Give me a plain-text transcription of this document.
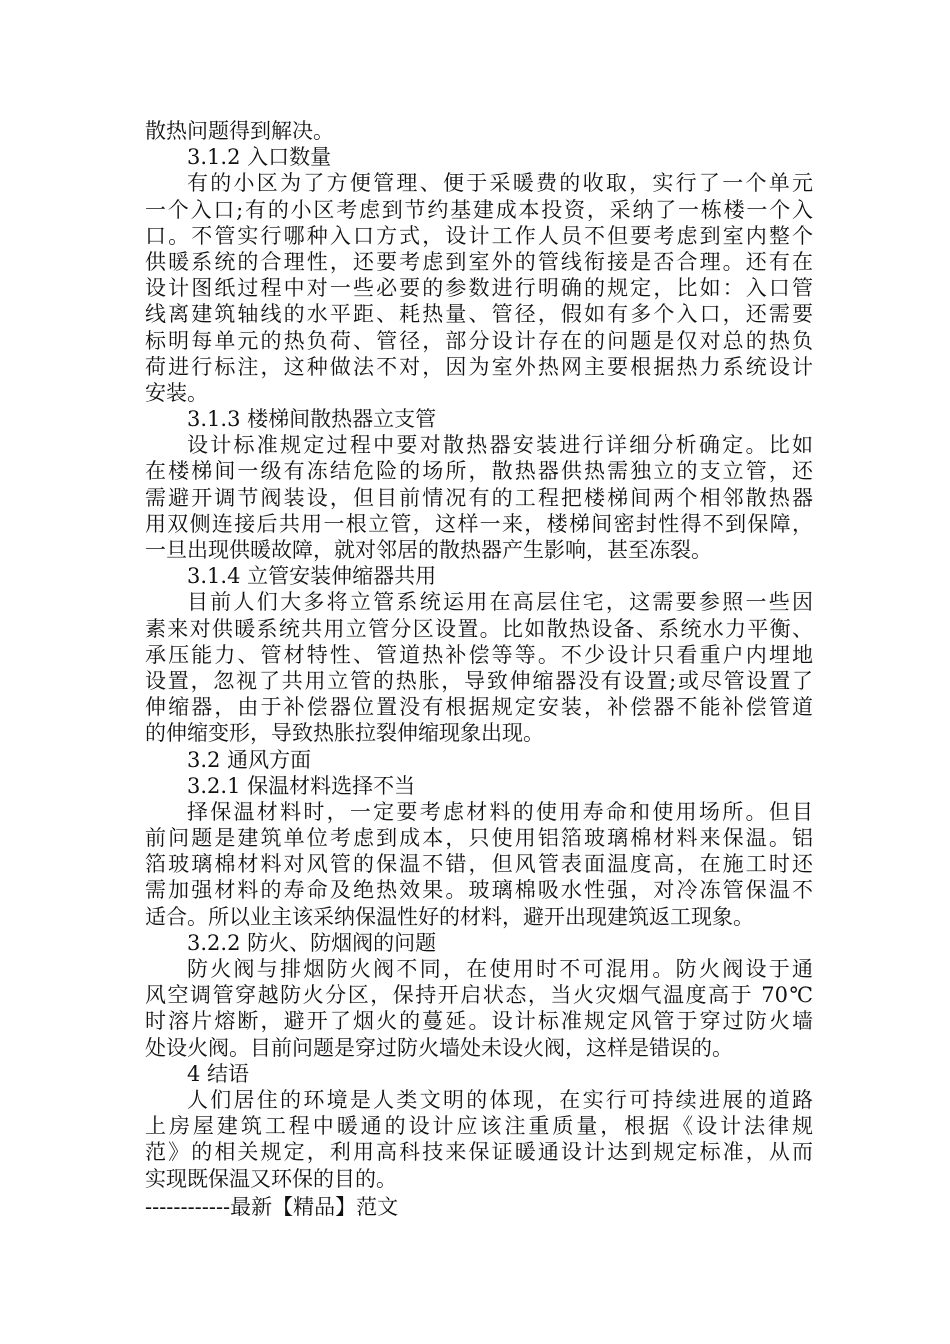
散热问题得到解决。
3.1.2 入口数量
有的小区为了方便管理、便于采暖费的收取，实行了一个单元
一个入口;有的小区考虑到节约基建成本投资，采纳了一栋楼一个入
口。不管实行哪种入口方式，设计工作人员不但要考虑到室内整个
供暖系统的合理性，还要考虑到室外的管线衔接是否合理。还有在
设计图纸过程中对一些必要的参数进行明确的规定，比如：入口管
线离建筑轴线的水平距、耗热量、管径，假如有多个入口，还需要
标明每单元的热负荷、管径，部分设计存在的问题是仅对总的热负
荷进行标注，这种做法不对，因为室外热网主要根据热力系统设计
安装。
3.1.3 楼梯间散热器立支管
设计标准规定过程中要对散热器安装进行详细分析确定。比如
在楼梯间一级有冻结危险的场所，散热器供热需独立的支立管，还
需避开调节阀装设，但目前情况有的工程把楼梯间两个相邻散热器
用双侧连接后共用一根立管，这样一来，楼梯间密封性得不到保障，
一旦出现供暖故障，就对邻居的散热器产生影响，甚至冻裂。
3.1.4 立管安装伸缩器共用
目前人们大多将立管系统运用在高层住宅，这需要参照一些因
素来对供暖系统共用立管分区设置。比如散热设备、系统水力平衡、
承压能力、管材特性、管道热补偿等等。不少设计只看重户内埋地
设置，忽视了共用立管的热胀，导致伸缩器没有设置;或尽管设置了
伸缩器，由于补偿器位置没有根据规定安装，补偿器不能补偿管道
的伸缩变形，导致热胀拉裂伸缩现象出现。
3.2 通风方面
3.2.1 保温材料选择不当
择保温材料时，一定要考虑材料的使用寿命和使用场所。但目
前问题是建筑单位考虑到成本，只使用铝箔玻璃棉材料来保温。铝
箔玻璃棉材料对风管的保温不错，但风管表面温度高，在施工时还
需加强材料的寿命及绝热效果。玻璃棉吸水性强，对冷冻管保温不
适合。所以业主该采纳保温性好的材料，避开出现建筑返工现象。
3.2.2 防火、防烟阀的问题
防火阀与排烟防火阀不同，在使用时不可混用。防火阀设于通
风空调管穿越防火分区，保持开启状态，当火灾烟气温度高于 70℃
时溶片熔断，避开了烟火的蔓延。设计标准规定风管于穿过防火墙
处设火阀。目前问题是穿过防火墙处未设火阀，这样是错误的。
4 结语
人们居住的环境是人类文明的体现，在实行可持续进展的道路
上房屋建筑工程中暖通的设计应该注重质量，根据《设计法律规
范》的相关规定，利用高科技来保证暖通设计达到规定标准，从而
实现既保温又环保的目的。
------------最新【精品】范文
